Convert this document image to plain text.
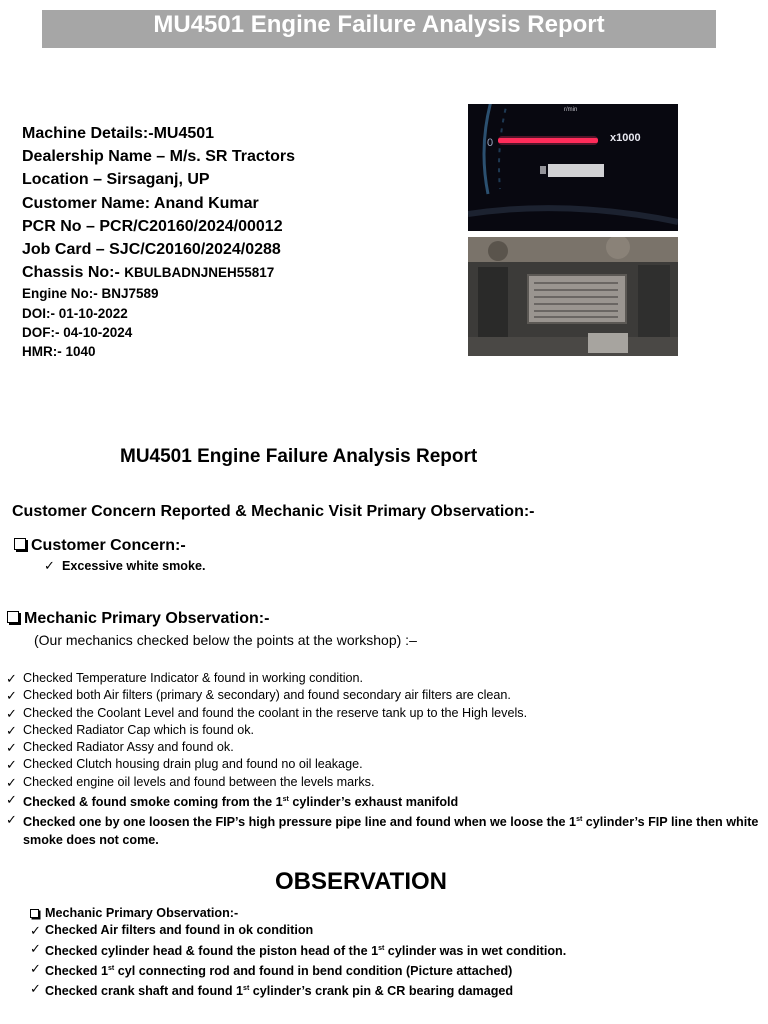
MU4501 Engine Failure Analysis Report
Machine Details:-MU4501
Dealership Name – M/s. SR Tractors
Location – Sirsaganj, UP
Customer Name: Anand Kumar
PCR No – PCR/C20160/2024/00012
Job Card – SJC/C20160/2024/0288
Chassis No:- KBULBADNJNEH55817
Engine No:- BNJ7589
DOI:- 01-10-2022
DOF:- 04-10-2024
HMR:- 1040
0
r/min
x1000
MU4501 Engine Failure Analysis Report
Customer Concern Reported & Mechanic Visit Primary Observation:-
Customer Concern:-
✓ Excessive white smoke.
Mechanic Primary Observation:-
(Our mechanics checked below the points at the workshop) :–
✓ Checked Temperature Indicator & found in working condition.
✓ Checked both Air filters (primary & secondary) and found secondary air filters are clean.
✓ Checked the Coolant Level and found the coolant in the reserve tank up to the High levels.
✓ Checked Radiator Cap which is found ok.
✓ Checked Radiator Assy and found ok.
✓ Checked Clutch housing drain plug and found no oil leakage.
✓ Checked engine oil levels and found between the levels marks.
✓ Checked & found smoke coming from the 1st cylinder’s exhaust manifold
✓ Checked one by one loosen the FIP’s high pressure pipe line and found when we loose the 1st cylinder’s FIP line then white smoke does not come.
OBSERVATION
Mechanic Primary Observation:-
✓ Checked Air filters and found in ok condition
✓ Checked cylinder head & found the piston head of the 1st cylinder was in wet condition.
✓ Checked 1st cyl connecting rod and found in bend condition (Picture attached)
✓ Checked crank shaft and found 1st cylinder’s crank pin & CR bearing damaged
